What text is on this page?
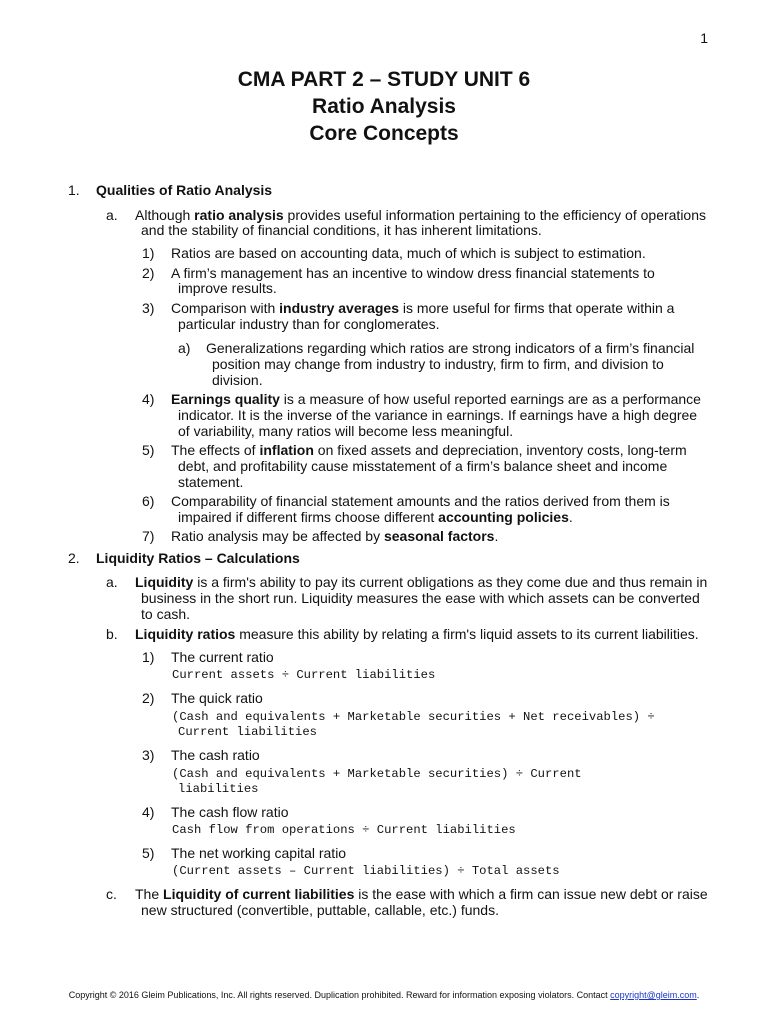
1
CMA PART 2 – STUDY UNIT 6
Ratio Analysis
Core Concepts
1. Qualities of Ratio Analysis
a. Although ratio analysis provides useful information pertaining to the efficiency of operations
and the stability of financial conditions, it has inherent limitations.
1) Ratios are based on accounting data, much of which is subject to estimation.
2) A firm’s management has an incentive to window dress financial statements to
improve results.
3) Comparison with industry averages is more useful for firms that operate within a
particular industry than for conglomerates.
a) Generalizations regarding which ratios are strong indicators of a firm’s financial
position may change from industry to industry, firm to firm, and division to
division.
4) Earnings quality is a measure of how useful reported earnings are as a performance
indicator. It is the inverse of the variance in earnings. If earnings have a high degree
of variability, many ratios will become less meaningful.
5) The effects of inflation on fixed assets and depreciation, inventory costs, long-term
debt, and profitability cause misstatement of a firm’s balance sheet and income
statement.
6) Comparability of financial statement amounts and the ratios derived from them is
impaired if different firms choose different accounting policies.
7) Ratio analysis may be affected by seasonal factors.
2. Liquidity Ratios – Calculations
a. Liquidity is a firm's ability to pay its current obligations as they come due and thus remain in
business in the short run. Liquidity measures the ease with which assets can be converted
to cash.
b. Liquidity ratios measure this ability by relating a firm's liquid assets to its current liabilities.
1) The current ratio
Current assets ÷ Current liabilities
2) The quick ratio
(Cash and equivalents + Marketable securities + Net receivables) ÷
Current liabilities
3) The cash ratio
(Cash and equivalents + Marketable securities) ÷ Current
liabilities
4) The cash flow ratio
Cash flow from operations ÷ Current liabilities
5) The net working capital ratio
(Current assets – Current liabilities) ÷ Total assets
c. The Liquidity of current liabilities is the ease with which a firm can issue new debt or raise
new structured (convertible, puttable, callable, etc.) funds.
Copyright © 2016 Gleim Publications, Inc. All rights reserved. Duplication prohibited. Reward for information exposing violators. Contact copyright@gleim.com.
